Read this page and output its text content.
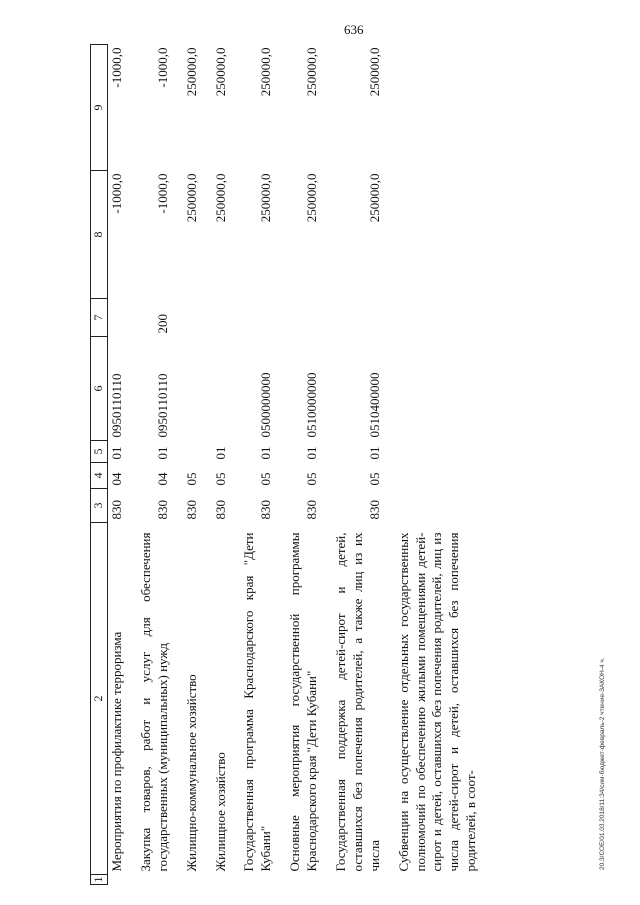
636
1	2	3	4	5	6	7	8	9
	Мероприятия по профилактике терроризма	830	04	01	0950110110		-1000,0	-1000,0
	Закупка товаров, работ и услуг для обеспечения государственных (муниципальных) нужд	830	04	01	0950110110	200	-1000,0	-1000,0
	Жилищно-коммунальное хозяйство	830	05				250000,0	250000,0
	Жилищное хозяйство	830	05	01			250000,0	250000,0
	Государственная программа Краснодарского края "Дети Кубани"	830	05	01	0500000000		250000,0	250000,0
	Основные мероприятия государственной программы Краснодарского края "Дети Кубани"	830	05	01	0510000000		250000,0	250000,0
	Государственная поддержка детей-сирот и детей, оставшихся без попечения родителей, а также лиц из их числа	830	05	01	0510400000		250000,0	250000,0
	Субвенции на осуществление отдельных государственных полномочий по обеспечению жилыми помещениями детей-сирот и детей, оставшихся без попечения родителей, лиц из числа детей-сирот и детей, оставшихся без попечения родителей, в соот-								20.3/СОЕ/01.03.2018/11:34/сим-бюджет-февраль-2 чтение-ЗАКОН-4 ч.
